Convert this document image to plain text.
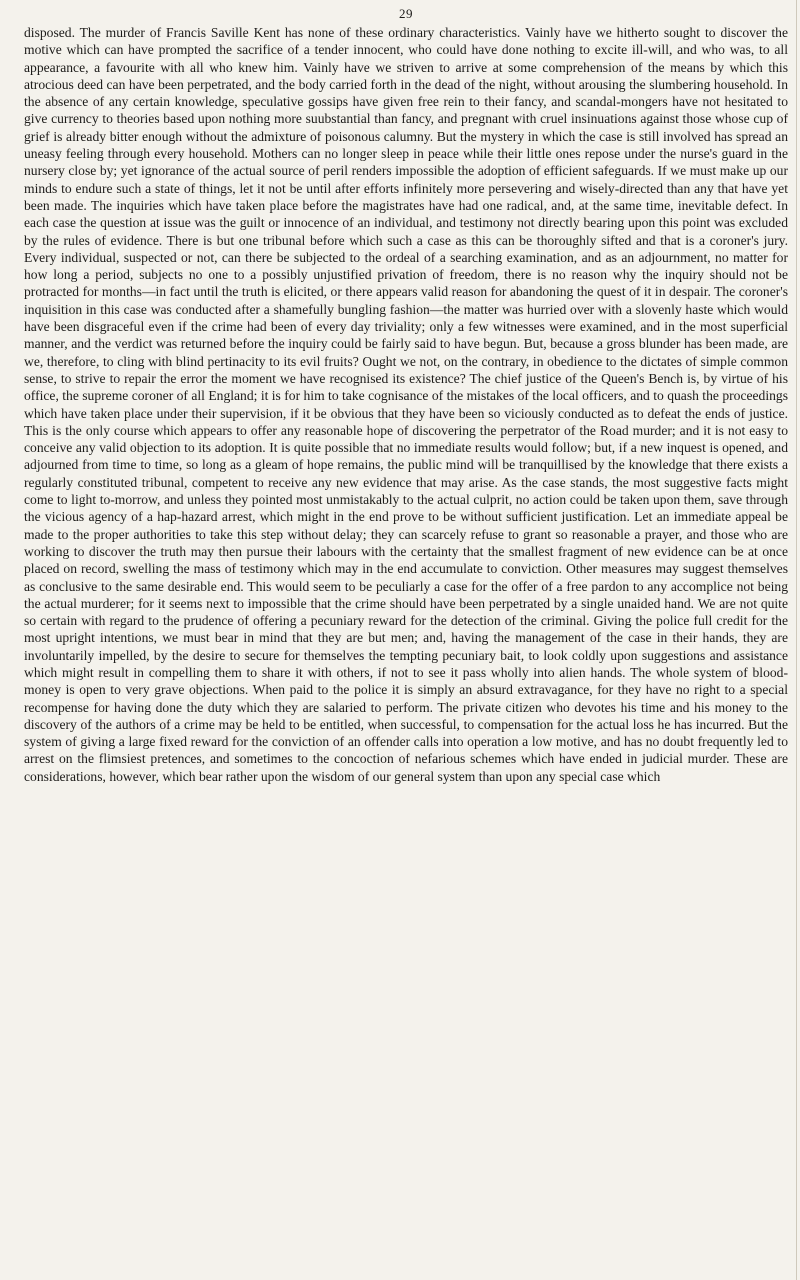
29

disposed. The murder of Francis Saville Kent has none of these ordinary characteristics. Vainly have we hitherto sought to discover the motive which can have prompted the sacrifice of a tender innocent, who could have done nothing to excite ill-will, and who was, to all appearance, a favourite with all who knew him. Vainly have we striven to arrive at some comprehension of the means by which this atrocious deed can have been perpetrated, and the body carried forth in the dead of the night, without arousing the slumbering household. In the absence of any certain knowledge, speculative gossips have given free rein to their fancy, and scandal-mongers have not hesitated to give currency to theories based upon nothing more suubstantial than fancy, and pregnant with cruel insinuations against those whose cup of grief is already bitter enough without the admixture of poisonous calumny. But the mystery in which the case is still involved has spread an uneasy feeling through every household. Mothers can no longer sleep in peace while their little ones repose under the nurse's guard in the nursery close by; yet ignorance of the actual source of peril renders impossible the adoption of efficient safeguards. If we must make up our minds to endure such a state of things, let it not be until after efforts infinitely more persevering and wisely-directed than any that have yet been made. The inquiries which have taken place before the magistrates have had one radical, and, at the same time, inevitable defect. In each case the question at issue was the guilt or innocence of an individual, and testimony not directly bearing upon this point was excluded by the rules of evidence. There is but one tribunal before which such a case as this can be thoroughly sifted and that is a coroner's jury. Every individual, suspected or not, can there be subjected to the ordeal of a searching examination, and as an adjournment, no matter for how long a period, subjects no one to a possibly unjustified privation of freedom, there is no reason why the inquiry should not be protracted for months—in fact until the truth is elicited, or there appears valid reason for abandoning the quest of it in despair. The coroner's inquisition in this case was conducted after a shamefully bungling fashion—the matter was hurried over with a slovenly haste which would have been disgraceful even if the crime had been of every day triviality; only a few witnesses were examined, and in the most superficial manner, and the verdict was returned before the inquiry could be fairly said to have begun. But, because a gross blunder has been made, are we, therefore, to cling with blind pertinacity to its evil fruits? Ought we not, on the contrary, in obedience to the dictates of simple common sense, to strive to repair the error the moment we have recognised its existence? The chief justice of the Queen's Bench is, by virtue of his office, the supreme coroner of all England; it is for him to take cognisance of the mistakes of the local officers, and to quash the proceedings which have taken place under their supervision, if it be obvious that they have been so viciously conducted as to defeat the ends of justice. This is the only course which appears to offer any reasonable hope of discovering the perpetrator of the Road murder; and it is not easy to conceive any valid objection to its adoption. It is quite possible that no immediate results would follow; but, if a new inquest is opened, and adjourned from time to time, so long as a gleam of hope remains, the public mind will be tranquillised by the knowledge that there exists a regularly constituted tribunal, competent to receive any new evidence that may arise. As the case stands, the most suggestive facts might come to light to-morrow, and unless they pointed most unmistakably to the actual culprit, no action could be taken upon them, save through the vicious agency of a hap-hazard arrest, which might in the end prove to be without sufficient justification. Let an immediate appeal be made to the proper authorities to take this step without delay; they can scarcely refuse to grant so reasonable a prayer, and those who are working to discover the truth may then pursue their labours with the certainty that the smallest fragment of new evidence can be at once placed on record, swelling the mass of testimony which may in the end accumulate to conviction. Other measures may suggest themselves as conclusive to the same desirable end. This would seem to be peculiarly a case for the offer of a free pardon to any accomplice not being the actual murderer; for it seems next to impossible that the crime should have been perpetrated by a single unaided hand. We are not quite so certain with regard to the prudence of offering a pecuniary reward for the detection of the criminal. Giving the police full credit for the most upright intentions, we must bear in mind that they are but men; and, having the management of the case in their hands, they are involuntarily impelled, by the desire to secure for themselves the tempting pecuniary bait, to look coldly upon suggestions and assistance which might result in compelling them to share it with others, if not to see it pass wholly into alien hands. The whole system of blood-money is open to very grave objections. When paid to the police it is simply an absurd extravagance, for they have no right to a special recompense for having done the duty which they are salaried to perform. The private citizen who devotes his time and his money to the discovery of the authors of a crime may be held to be entitled, when successful, to compensation for the actual loss he has incurred. But the system of giving a large fixed reward for the conviction of an offender calls into operation a low motive, and has no doubt frequently led to arrest on the flimsiest pretences, and sometimes to the concoction of nefarious schemes which have ended in judicial murder. These are considerations, however, which bear rather upon the wisdom of our general system than upon any special case which
